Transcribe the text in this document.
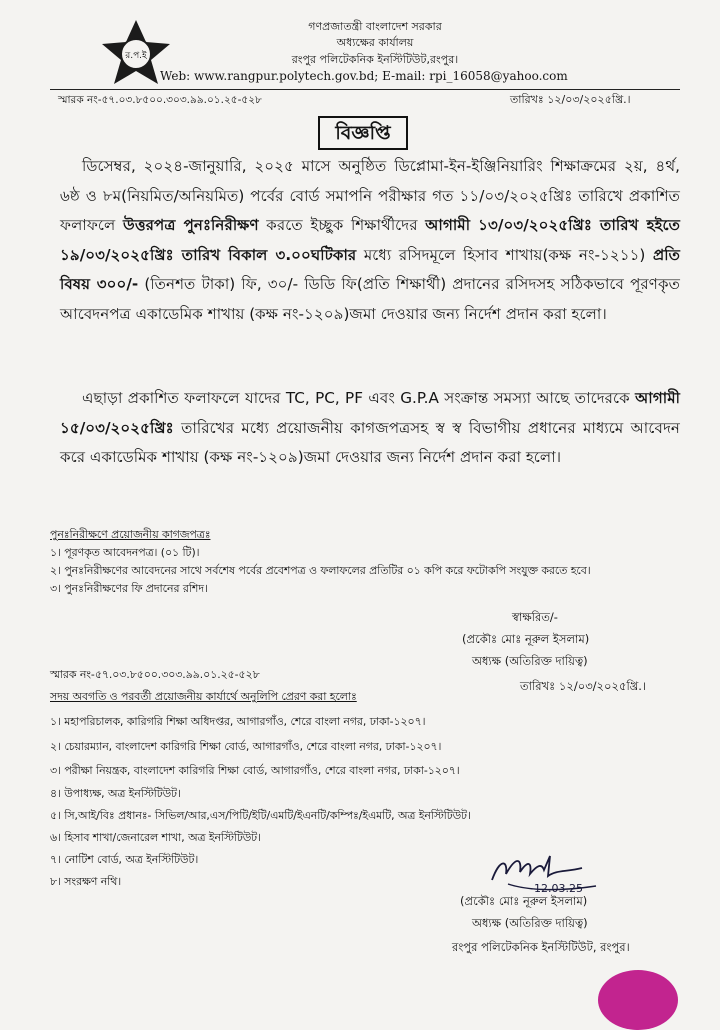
র.প.ই
গণপ্রজাতন্ত্রী বাংলাদেশ সরকার
অধ্যক্ষের কার্যালয়
রংপুর পলিটেকনিক ইনস্টিটিউট,রংপুর।
Web: www.rangpur.polytech.gov.bd; E-mail: rpi_16058@yahoo.com
স্মারক নং-৫৭.০৩.৮৫০০.৩০৩.৯৯.০১.২৫-৫২৮	তারিখঃ ১২/০৩/২০২৫খ্রি.।
বিজ্ঞপ্তি

ডিসেম্বর, ২০২৪-জানুয়ারি, ২০২৫ মাসে অনুষ্ঠিত ডিপ্লোমা-ইন-ইঞ্জিনিয়ারিং শিক্ষাক্রমের ২য়, ৪র্থ, ৬ষ্ঠ ও ৮ম(নিয়মিত/অনিয়মিত) পর্বের বোর্ড সমাপনি পরীক্ষার গত ১১/০৩/২০২৫খ্রিঃ তারিখে প্রকাশিত ফলাফলে উত্তরপত্র পুনঃনিরীক্ষণ করতে ইচ্ছুক শিক্ষার্থীদের আগামী ১৩/০৩/২০২৫খ্রিঃ তারিখ হইতে ১৯/০৩/২০২৫খ্রিঃ তারিখ বিকাল ৩.০০ঘটিকার মধ্যে রসিদমূলে হিসাব শাখায়(কক্ষ নং-১২১১) প্রতি বিষয় ৩০০/- (তিনশত টাকা) ফি, ৩০/- ডিডি ফি(প্রতি শিক্ষার্থী) প্রদানের রসিদসহ সঠিকভাবে পূরণকৃত আবেদনপত্র একাডেমিক শাখায় (কক্ষ নং-১২০৯)জমা দেওয়ার জন্য নির্দেশ প্রদান করা হলো।

এছাড়া প্রকাশিত ফলাফলে যাদের TC, PC, PF এবং G.P.A সংক্রান্ত সমস্যা আছে তাদেরকে আগামী ১৫/০৩/২০২৫খ্রিঃ তারিখের মধ্যে প্রয়োজনীয় কাগজপত্রসহ স্ব স্ব বিভাগীয় প্রধানের মাধ্যমে আবেদন করে একাডেমিক শাখায় (কক্ষ নং-১২০৯)জমা দেওয়ার জন্য নির্দেশ প্রদান করা হলো।

পুনঃনিরীক্ষণে প্রয়োজনীয় কাগজপত্রঃ
১। পূরণকৃত আবেদনপত্র। (০১ টি)।
২। পুনঃনিরীক্ষণের আবেদনের সাথে সর্বশেষ পর্বের প্রবেশপত্র ও ফলাফলের প্রতিটির ০১ কপি করে ফটোকপি সংযুক্ত করতে হবে।
৩। পুনঃনিরীক্ষণের ফি প্রদানের রশিদ।
স্বাক্ষরিত/-
(প্রকৌঃ মোঃ নূরুল ইসলাম)
অধ্যক্ষ (অতিরিক্ত দায়িত্ব)
স্মারক নং-৫৭.০৩.৮৫০০.৩০৩.৯৯.০১.২৫-৫২৮
তারিখঃ ১২/০৩/২০২৫খ্রি.।
সদয় অবগতি ও পরবর্তী প্রয়োজনীয় কার্যার্থে অনুলিপি প্রেরণ করা হলোঃ
১। মহাপরিচালক, কারিগরি শিক্ষা অধিদপ্তর, আগারগাঁও, শেরে বাংলা নগর, ঢাকা-১২০৭।
২। চেয়ারম্যান, বাংলাদেশ কারিগরি শিক্ষা বোর্ড, আগারগাঁও, শেরে বাংলা নগর, ঢাকা-১২০৭।
৩। পরীক্ষা নিয়ন্ত্রক, বাংলাদেশ কারিগরি শিক্ষা বোর্ড, আগারগাঁও, শেরে বাংলা নগর, ঢাকা-১২০৭।
৪। উপাধ্যক্ষ, অত্র ইনস্টিটিউট।
৫। সি,আই/বিঃ প্রধানঃ- সিভিল/আর,এস/পিটি/ইটি/এমটি/ইএনটি/কম্পিঃ/ইএমটি, অত্র ইনস্টিটিউট।
৬। হিসাব শাখা/জেনারেল শাখা, অত্র ইনস্টিটিউট।
৭। নোটিশ বোর্ড, অত্র ইনস্টিটিউট।
৮। সংরক্ষণ নথি।
12.03.25
(প্রকৌঃ মোঃ নূরুল ইসলাম)
অধ্যক্ষ (অতিরিক্ত দায়িত্ব)
রংপুর পলিটেকনিক ইনস্টিটিউট, রংপুর।
